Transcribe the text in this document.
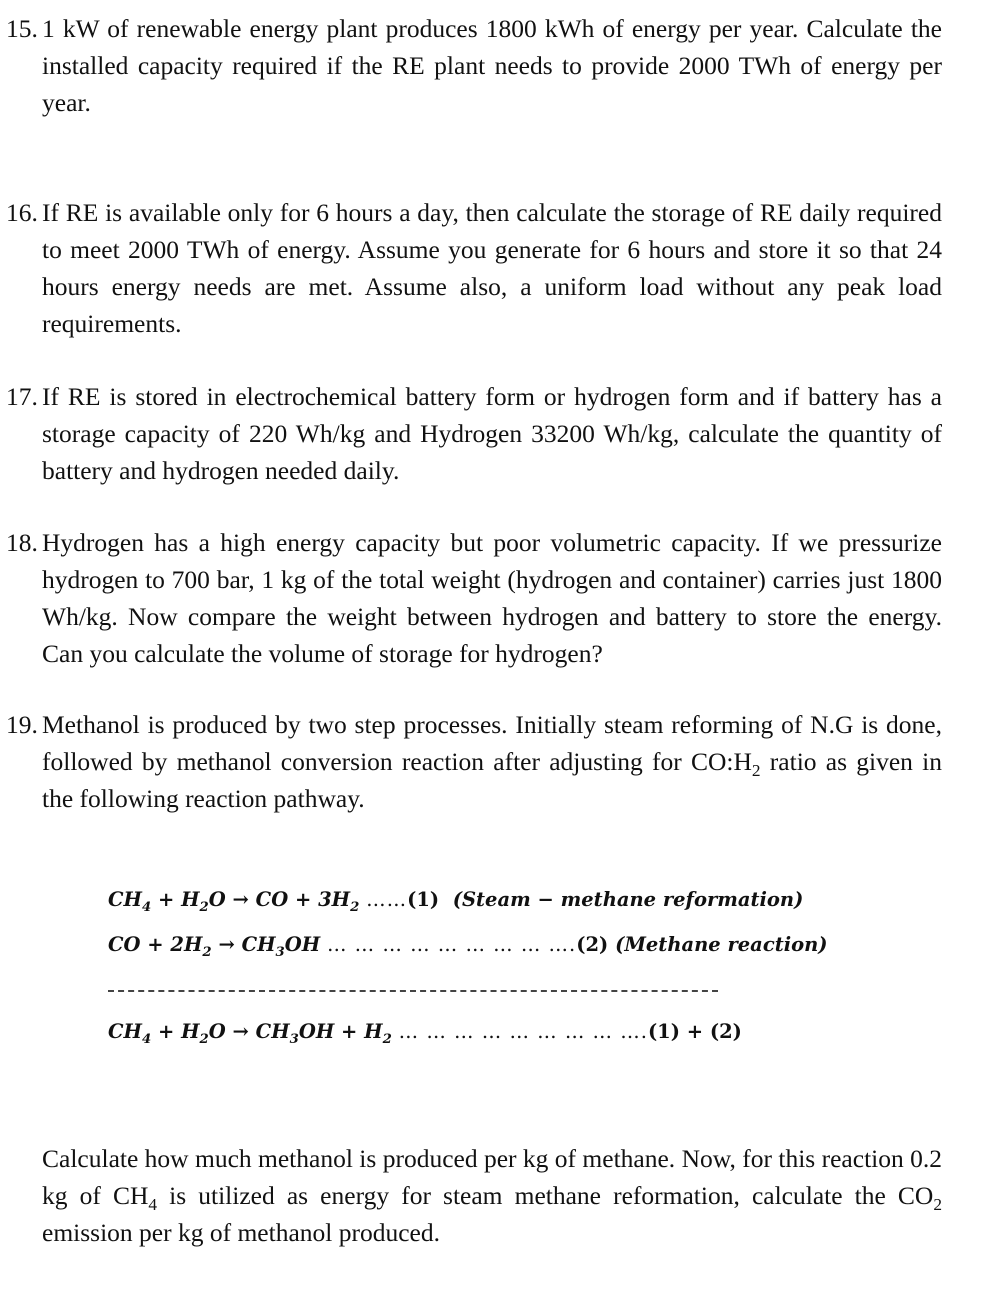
15. 1 kW of renewable energy plant produces 1800 kWh of energy per year. Calculate the installed capacity required if the RE plant needs to provide 2000 TWh of energy per year.
16. If RE is available only for 6 hours a day, then calculate the storage of RE daily required to meet 2000 TWh of energy. Assume you generate for 6 hours and store it so that 24 hours energy needs are met. Assume also, a uniform load without any peak load requirements.
17. If RE is stored in electrochemical battery form or hydrogen form and if battery has a storage capacity of 220 Wh/kg and Hydrogen 33200 Wh/kg, calculate the quantity of battery and hydrogen needed daily.
18. Hydrogen has a high energy capacity but poor volumetric capacity. If we pressurize hydrogen to 700 bar, 1 kg of the total weight (hydrogen and container) carries just 1800 Wh/kg. Now compare the weight between hydrogen and battery to store the energy. Can you calculate the volume of storage for hydrogen?
19. Methanol is produced by two step processes. Initially steam reforming of N.G is done, followed by methanol conversion reaction after adjusting for $CO:H_2$ ratio as given in the following reaction pathway.
$CH_4 + H_2O$ → CO + $3H_2$ ……(1) (Steam − methane reformation)
CO + $2H_2 \to CH_3OH$ … … … … … … … … ….(2) (Methane reaction)
$CH_4 + H_2O \to CH_3OH + H_2$ … … … … … … … … ….(1) + (2)
Calculate how much methanol is produced per kg of methane. Now, for this reaction 0.2 kg of $CH_4$ is utilized as energy for steam methane reformation, calculate the $CO_2$ emission per kg of methanol produced.
